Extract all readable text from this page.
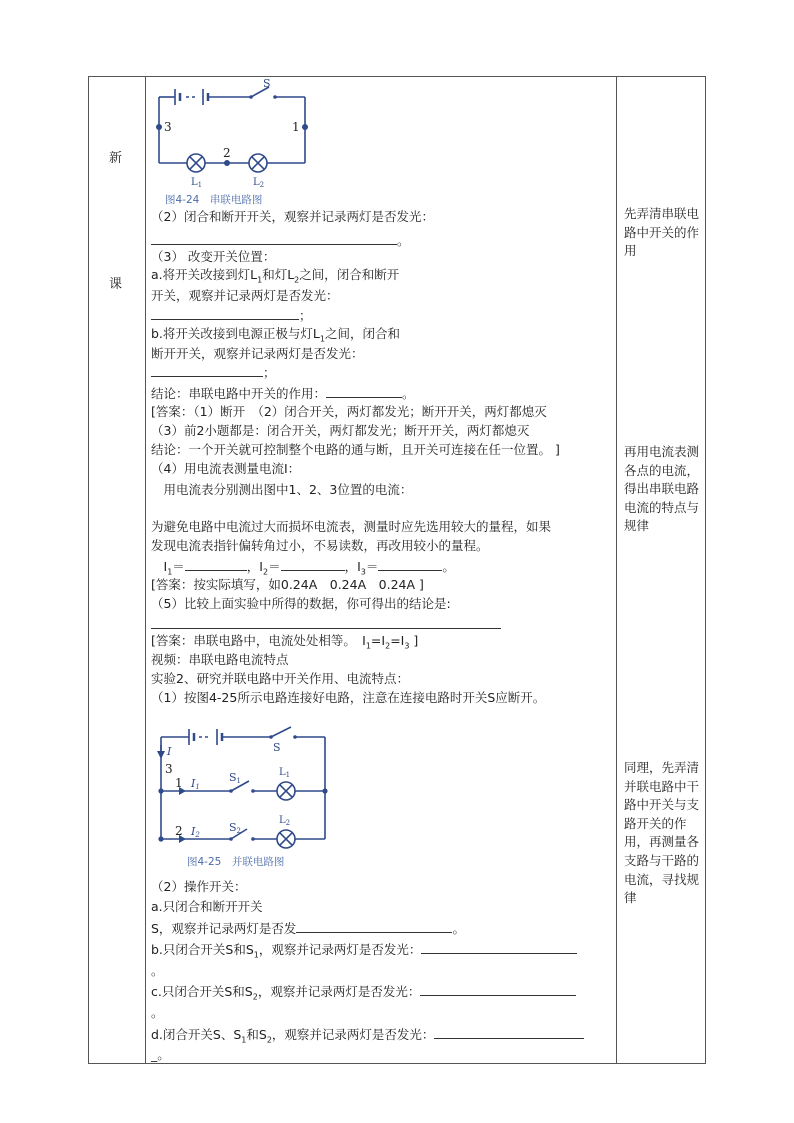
新
课
S
3	1
2
$L_1$	$L_2$
图4-24　串联电路图
（2）闭合和断开开关，观察并记录两灯是否发光：
。
（3） 改变开关位置：
a.将开关改接到灯$L_1$和灯$L_2$之间，闭合和断开
开关，观察并记录两灯是否发光：
；
b.将开关改接到电源正极与灯$L_1$之间，闭合和
断开开关，观察并记录两灯是否发光：
；
结论：串联电路中开关的作用：	。
[答案：（1）断开　（2）闭合开关，两灯都发光；断开开关，两灯都熄灭
（3）前2小题都是：闭合开关，两灯都发光；断开开关，两灯都熄灭
结论：一个开关就可控制整个电路的通与断，且开关可连接在任一位置。 ]
（4）用电流表测量电流I：
　用电流表分别测出图中1、2、3位置的电流：
为避免电路中电流过大而损坏电流表，测量时应先选用较大的量程，如果
发现电流表指针偏转角过小，不易读数，再改用较小的量程。
　$I_1=$	，$I_2=$	，$I_3=$	。
[答案：按实际填写，如0.24A　0.24A　0.24A ]
（5）比较上面实验中所得的数据，你可得出的结论是:
[答案：串联电路中，电流处处相等。　$I_1=I_2=I_3$ ]
视频：串联电路电流特点
实验2、研究并联电路中开关作用、电流特点：
（1）按图4-25所示电路连接好电路，注意在连接电路时开关S应断开。
I
3
1 I1
S
S1
$L_1$
2 I2
S2
$L_2$
图4-25　并联电路图
（2）操作开关：
a.只闭合和断开开关
S，观察并记录两灯是否发	。
b.只闭合开关S和$S_1$，观察并记录两灯是否发光：
。
c.只闭合开关S和$S_2$，观察并记录两灯是否发光：
。
d.闭合开关S、$S_1$和$S_2$，观察并记录两灯是否发光：
_。
先弄清串联电路中开关的作用
再用电流表测各点的电流，得出串联电路电流的特点与规律
同理，先弄清并联电路中干路中开关与支路开关的作用，再测量各支路与干路的电流，寻找规律
